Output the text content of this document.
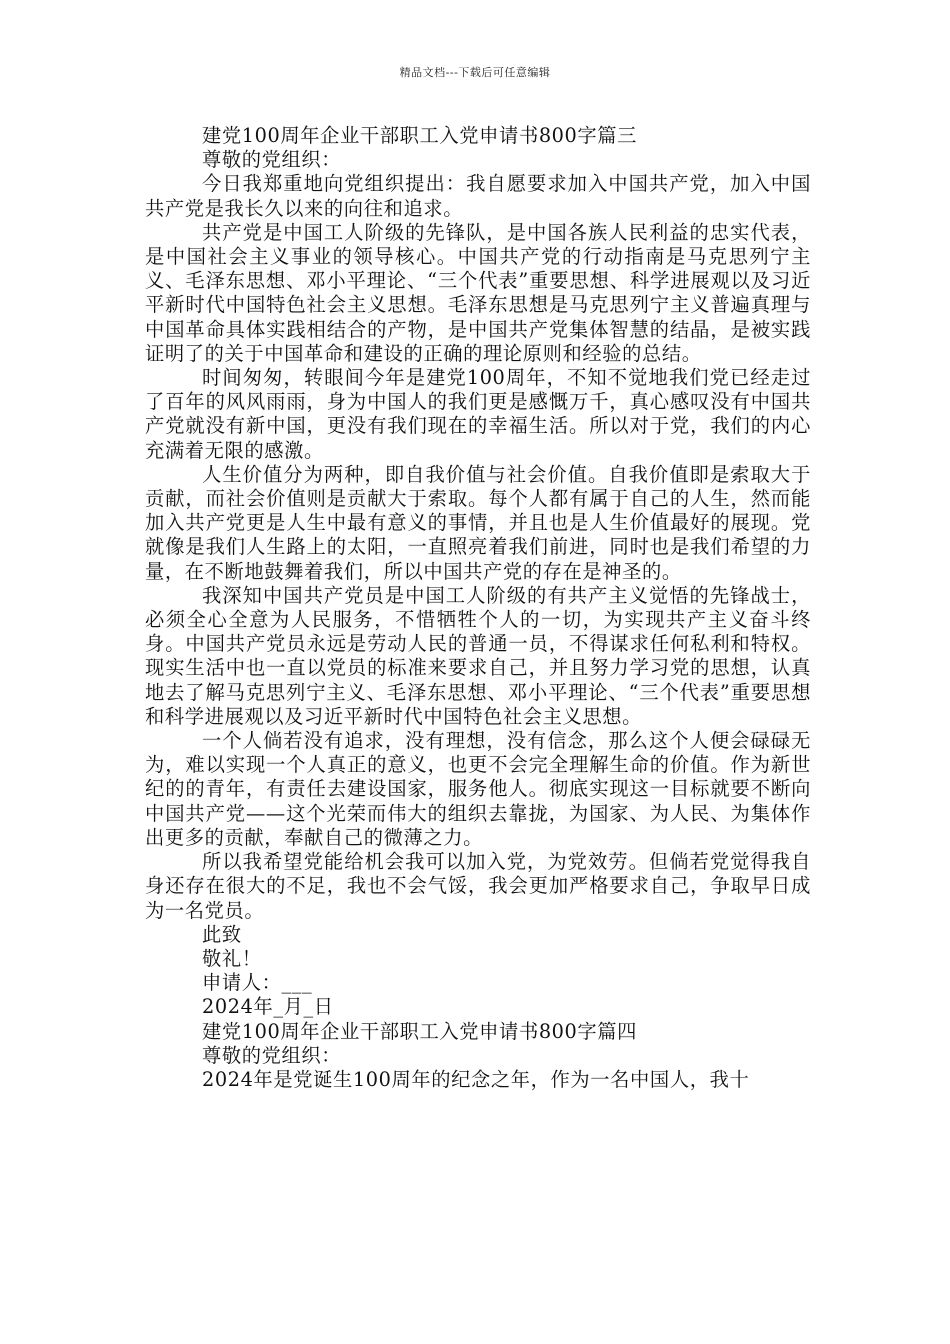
精品文档---下载后可任意编辑

建党100周年企业干部职工入党申请书800字篇三

尊敬的党组织：

今日我郑重地向党组织提出：我自愿要求加入中国共产党，加入中国共产党是我长久以来的向往和追求。

共产党是中国工人阶级的先锋队，是中国各族人民利益的忠实代表，是中国社会主义事业的领导核心。中国共产党的行动指南是马克思列宁主义、毛泽东思想、邓小平理论、“三个代表”重要思想、科学进展观以及习近平新时代中国特色社会主义思想。毛泽东思想是马克思列宁主义普遍真理与中国革命具体实践相结合的产物，是中国共产党集体智慧的结晶，是被实践证明了的关于中国革命和建设的正确的理论原则和经验的总结。

时间匆匆，转眼间今年是建党100周年，不知不觉地我们党已经走过了百年的风风雨雨，身为中国人的我们更是感慨万千，真心感叹没有中国共产党就没有新中国，更没有我们现在的幸福生活。所以对于党，我们的内心充满着无限的感激。

人生价值分为两种，即自我价值与社会价值。自我价值即是索取大于贡献，而社会价值则是贡献大于索取。每个人都有属于自己的人生，然而能加入共产党更是人生中最有意义的事情，并且也是人生价值最好的展现。党就像是我们人生路上的太阳，一直照亮着我们前进，同时也是我们希望的力量，在不断地鼓舞着我们，所以中国共产党的存在是神圣的。

我深知中国共产党员是中国工人阶级的有共产主义觉悟的先锋战士，必须全心全意为人民服务，不惜牺牲个人的一切，为实现共产主义奋斗终身。中国共产党员永远是劳动人民的普通一员，不得谋求任何私利和特权。现实生活中也一直以党员的标准来要求自己，并且努力学习党的思想，认真地去了解马克思列宁主义、毛泽东思想、邓小平理论、“三个代表”重要思想和科学进展观以及习近平新时代中国特色社会主义思想。

一个人倘若没有追求，没有理想，没有信念，那么这个人便会碌碌无为，难以实现一个人真正的意义，也更不会完全理解生命的价值。作为新世纪的的青年，有责任去建设国家，服务他人。彻底实现这一目标就要不断向中国共产党——这个光荣而伟大的组织去靠拢，为国家、为人民、为集体作出更多的贡献，奉献自己的微薄之力。

所以我希望党能给机会我可以加入党，为党效劳。但倘若党觉得我自身还存在很大的不足，我也不会气馁，我会更加严格要求自己，争取早日成为一名党员。

此致

敬礼！

申请人：___

2024年_月_日

建党100周年企业干部职工入党申请书800字篇四

尊敬的党组织：

2024年是党诞生100周年的纪念之年，作为一名中国人，我十
